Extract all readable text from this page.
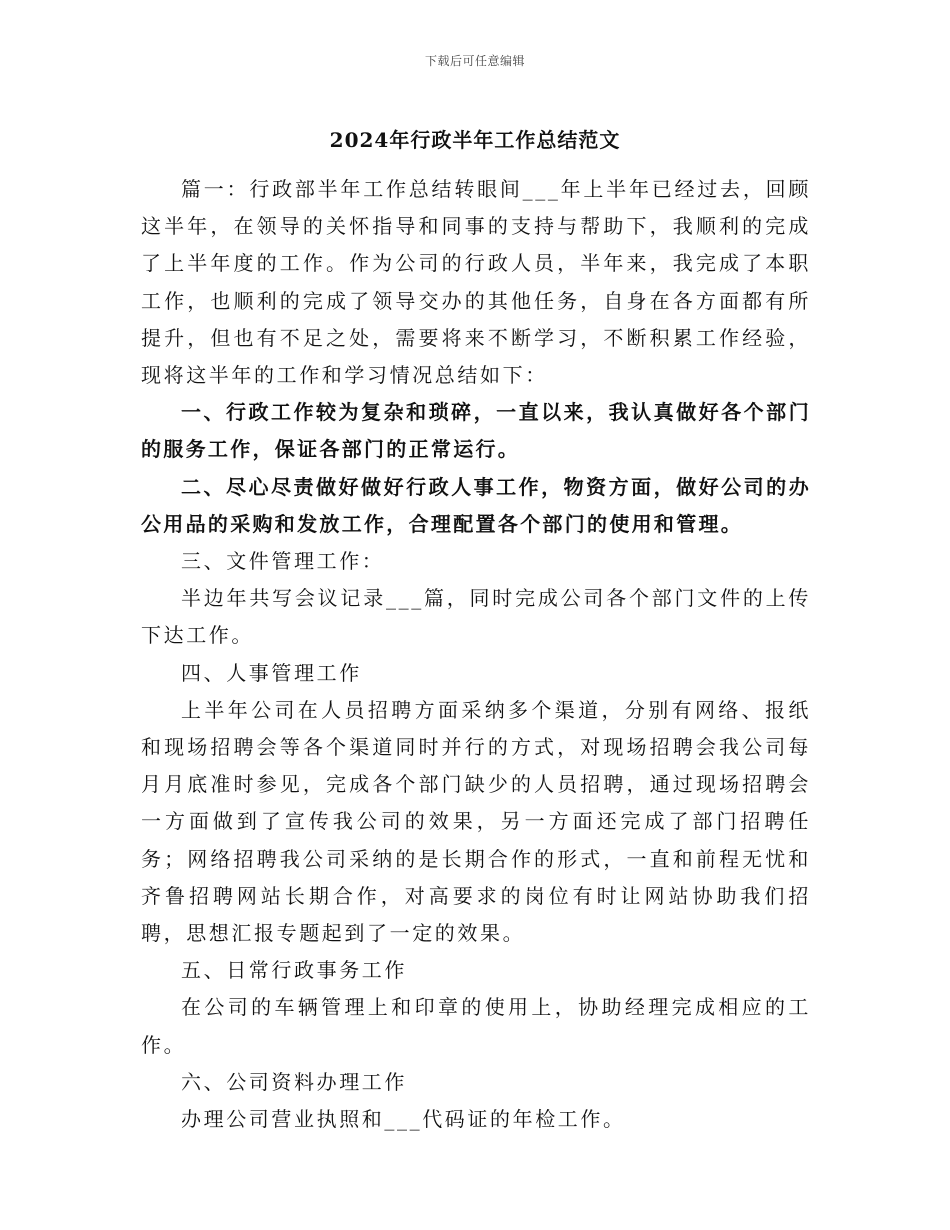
下载后可任意编辑
2024年行政半年工作总结范文

篇一：行政部半年工作总结转眼间___年上半年已经过去，回顾这半年，在领导的关怀指导和同事的支持与帮助下，我顺利的完成了上半年度的工作。作为公司的行政人员，半年来，我完成了本职工作，也顺利的完成了领导交办的其他任务，自身在各方面都有所提升，但也有不足之处，需要将来不断学习，不断积累工作经验，现将这半年的工作和学习情况总结如下：

一、行政工作较为复杂和琐碎，一直以来，我认真做好各个部门的服务工作，保证各部门的正常运行。

二、尽心尽责做好做好行政人事工作，物资方面，做好公司的办公用品的采购和发放工作，合理配置各个部门的使用和管理。

三、文件管理工作：

半边年共写会议记录___篇，同时完成公司各个部门文件的上传下达工作。

四、人事管理工作

上半年公司在人员招聘方面采纳多个渠道，分别有网络、报纸和现场招聘会等各个渠道同时并行的方式，对现场招聘会我公司每月月底准时参见，完成各个部门缺少的人员招聘，通过现场招聘会一方面做到了宣传我公司的效果，另一方面还完成了部门招聘任务；网络招聘我公司采纳的是长期合作的形式，一直和前程无忧和齐鲁招聘网站长期合作，对高要求的岗位有时让网站协助我们招聘，思想汇报专题起到了一定的效果。

五、日常行政事务工作

在公司的车辆管理上和印章的使用上，协助经理完成相应的工作。

六、公司资料办理工作

办理公司营业执照和___代码证的年检工作。
